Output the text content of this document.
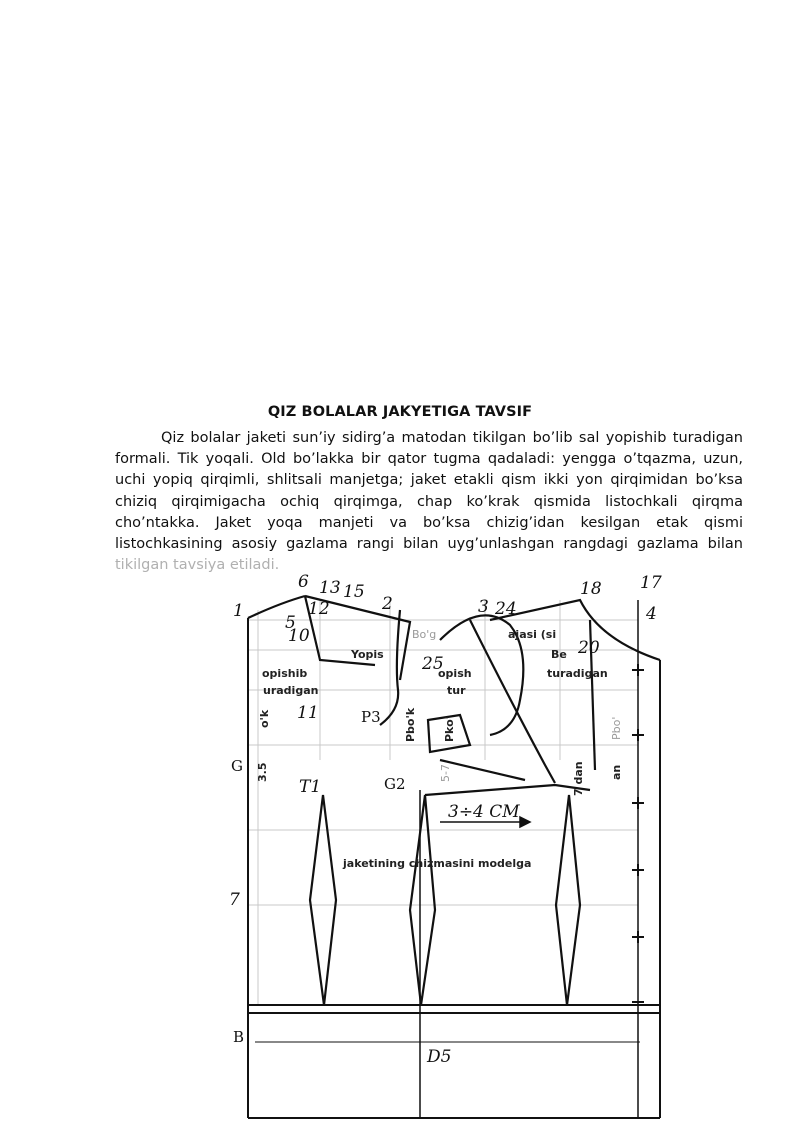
QIZ BOLALAR JAKYETIGA TAVSIF
Qiz bolalar jaketi sun’iy sidirg’a matodan tikilgan bo’lib sal yopishib turadigan formali. Tik yoqali. Old bo’lakka bir qator tugma qadaladi: yengga o’tqazma, uzun, uchi yopiq qirqimli, shlitsali manjetga; jaket etakli qism ikki yon qirqimidan bo’ksa chiziq qirqimigacha ochiq qirqimga, chap ko’krak qismida listochkali qirqma cho’ntakka. Jaket yoqa manjeti va bo’ksa chizig’idan kesilgan etak qismi listochkasining asosiy gazlama rangi bilan uyg’unlashgan rangdagi gazlama bilan tikilgan tavsiya etiladi.
1
6 13 15
2	3 24
18 17
4
12
5
10
25
20
11
7
3÷4 СМ
D5
P3
G
T1	G2
B
Yopis
opishib
uradigan
Pbo'k Pko'
opish
tur
jaketining chizmasini modelga
Bo'g	ajasi (si
Be
turadigan
7 dan
o'k
an
Pbo'
5-7
3.5
